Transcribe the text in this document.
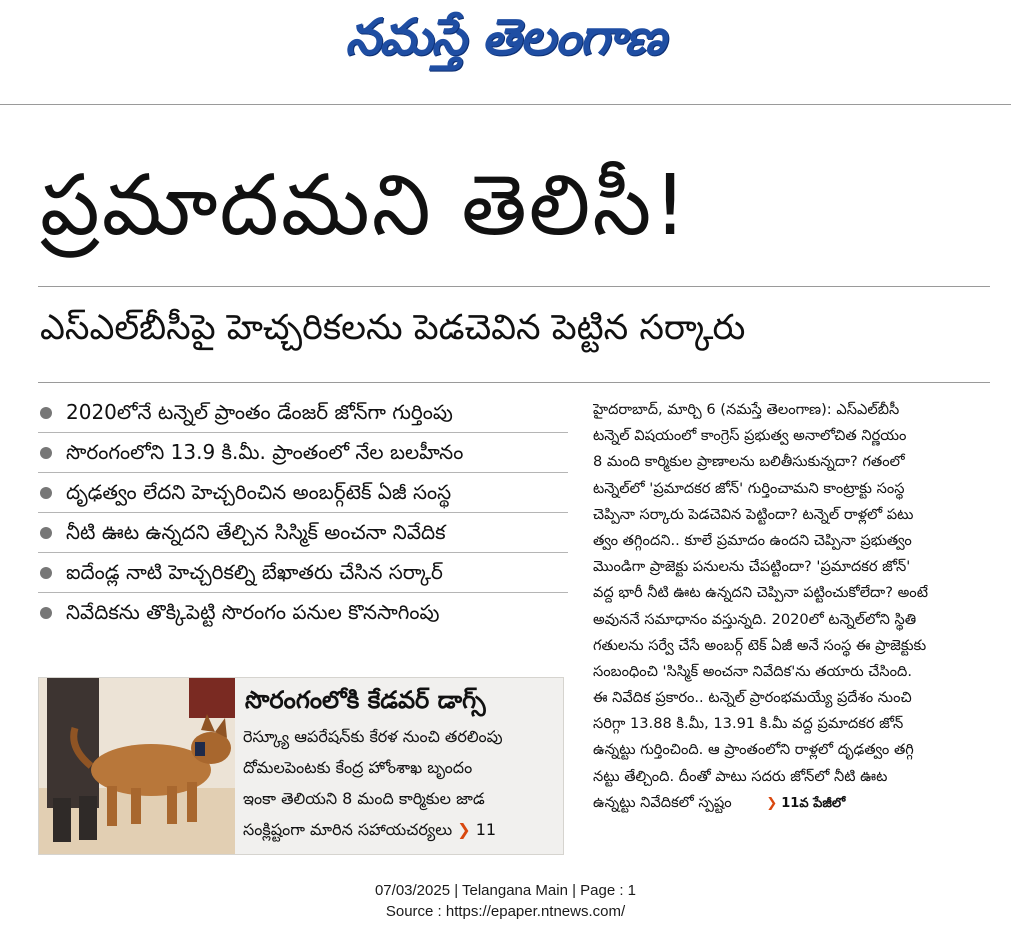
నమస్తే తెలంగాణ
ప్రమాదమని తెలిసీ!
ఎస్‌ఎల్‌బీసీపై హెచ్చరికలను పెడచెవిన పెట్టిన సర్కారు
2020లోనే టన్నెల్‌ ప్రాంతం డేంజర్‌ జోన్‌గా గుర్తింపు
సొరంగంలోని 13.9 కి.మీ. ప్రాంతంలో నేల బలహీనం
దృఢత్వం లేదని హెచ్చరించిన అంబర్గ్‌టెక్‌ ఏజీ సంస్థ
నీటి ఊట ఉన్నదని తేల్చిన సిస్మిక్‌ అంచనా నివేదిక
ఐదేండ్ల నాటి హెచ్చరికల్ని బేఖాతరు చేసిన సర్కార్‌
నివేదికను తొక్కిపెట్టి సొరంగం పనుల కొనసాగింపు
సొరంగంలోకి కేడవర్‌ డాగ్స్‌
రెస్క్యూ ఆపరేషన్‌కు కేరళ నుంచి తరలింపు
దోమలపెంటకు కేంద్ర హోంశాఖ బృందం
ఇంకా తెలియని 8 మంది కార్మికుల జాడ
సంక్లిష్టంగా మారిన సహాయచర్యలు ❯ 11
హైదరాబాద్‌, మార్చి 6 (నమస్తే తెలంగాణ): ఎస్‌ఎల్‌బీసీ
టన్నెల్‌ విషయంలో కాంగ్రెస్‌ ప్రభుత్వ అనాలోచిత నిర్ణయం
8 మంది కార్మికుల ప్రాణాలను బలితీసుకున్నదా? గతంలో
టన్నెల్‌లో 'ప్రమాదకర జోన్‌' గుర్తించామని కాంట్రాక్టు సంస్థ
చెప్పినా సర్కారు పెడచెవిన పెట్టిందా? టన్నెల్‌ రాళ్లలో పటు
త్వం తగ్గిందని.. కూలే ప్రమాదం ఉందని చెప్పినా ప్రభుత్వం
మొండిగా ప్రాజెక్టు పనులను చేపట్టిందా? 'ప్రమాదకర జోన్‌'
వద్ద భారీ నీటి ఊట ఉన్నదని చెప్పినా పట్టించుకోలేదా? అంటే
అవుననే సమాధానం వస్తున్నది. 2020లో టన్నెల్‌లోని స్థితి
గతులను సర్వే చేసే అంబర్గ్‌ టెక్‌ ఏజీ అనే సంస్థ ఈ ప్రాజెక్టుకు
సంబంధించి 'సిస్మిక్‌ అంచనా నివేదిక'ను తయారు చేసింది.
ఈ నివేదిక ప్రకారం.. టన్నెల్‌ ప్రారంభమయ్యే ప్రదేశం నుంచి
సరిగ్గా 13.88 కి.మీ, 13.91 కి.మీ వద్ద ప్రమాదకర జోన్‌
ఉన్నట్టు గుర్తించింది. ఆ ప్రాంతంలోని రాళ్లలో దృఢత్వం తగ్గి
నట్టు తేల్చింది. దీంతో పాటు సదరు జోన్‌లో నీటి ఊట
ఉన్నట్టు నివేదికలో స్పష్టం	❯ 11వ పేజీలో
07/03/2025 | Telangana Main | Page : 1
Source : https://epaper.ntnews.com/
